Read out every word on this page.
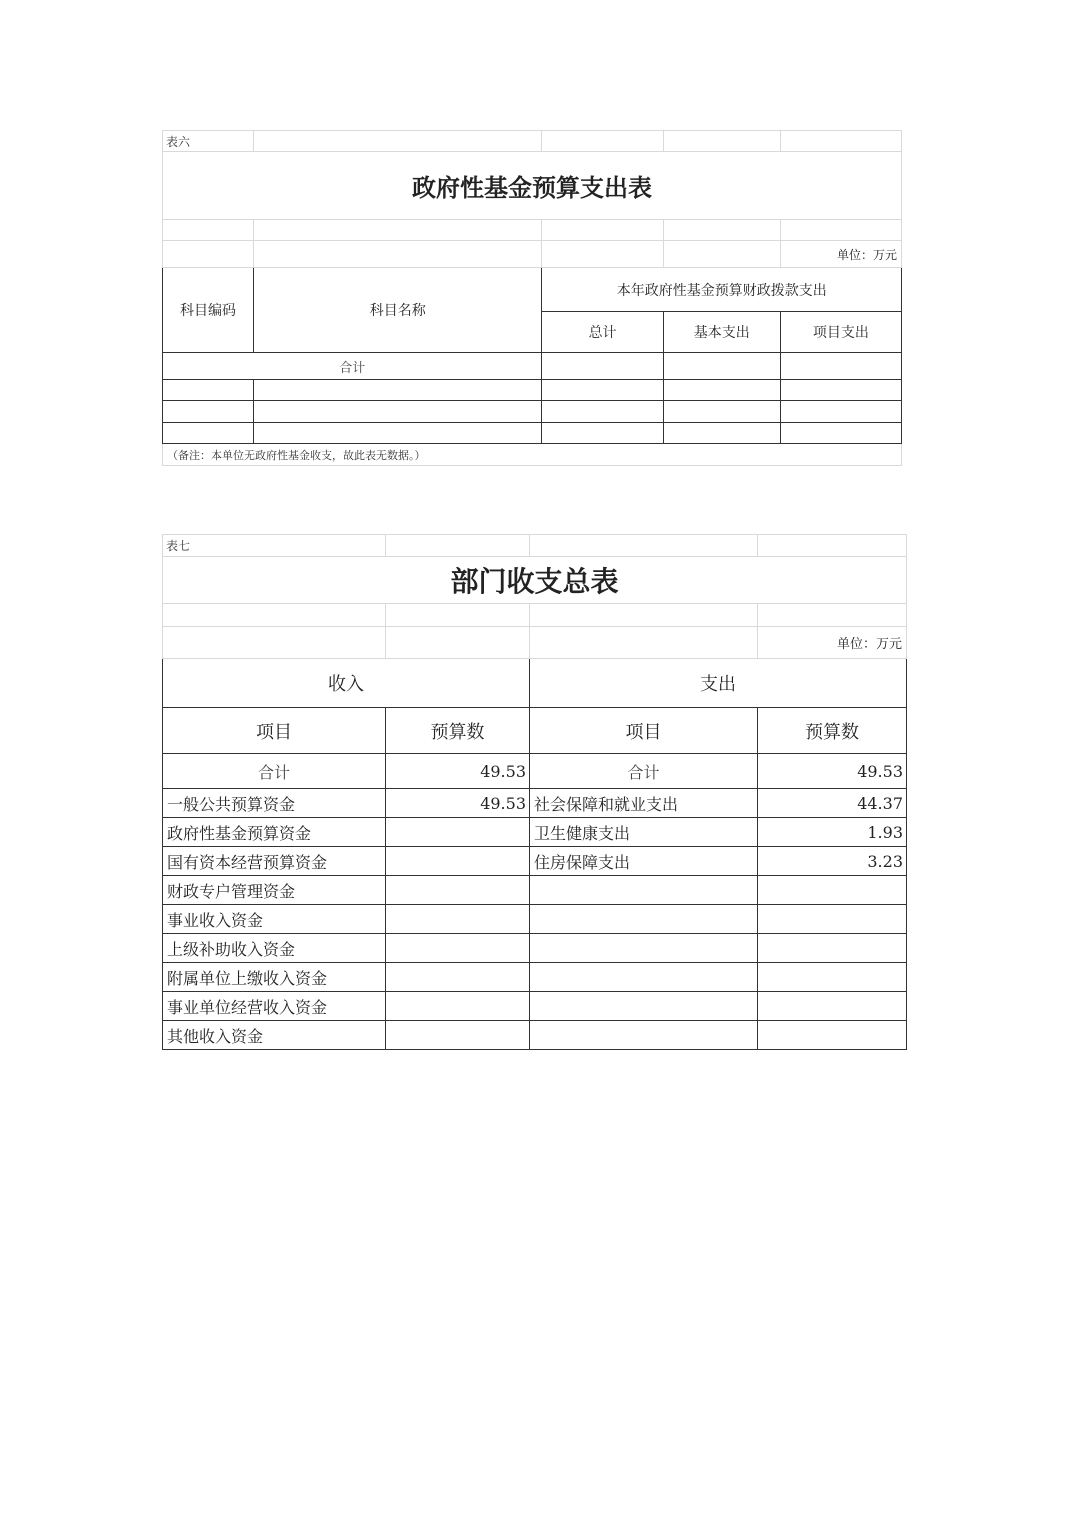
表六				
政府性基金预算支出表				

				单位：万元
科目编码	科目名称	本年政府性基金预算财政拨款支出		
		总计	基本支出	项目支出
合计				

（备注：本单位无政府性基金收支，故此表无数据。）				
表七			
部门收支总表			

			单位：万元
收入		支出	
项目	预算数	项目	预算数
合计	49.53	合计	49.53
一般公共预算资金	49.53	社会保障和就业支出	44.37
政府性基金预算资金		卫生健康支出	1.93
国有资本经营预算资金		住房保障支出	3.23
财政专户管理资金			
事业收入资金			
上级补助收入资金			
附属单位上缴收入资金			
事业单位经营收入资金			
其他收入资金			
